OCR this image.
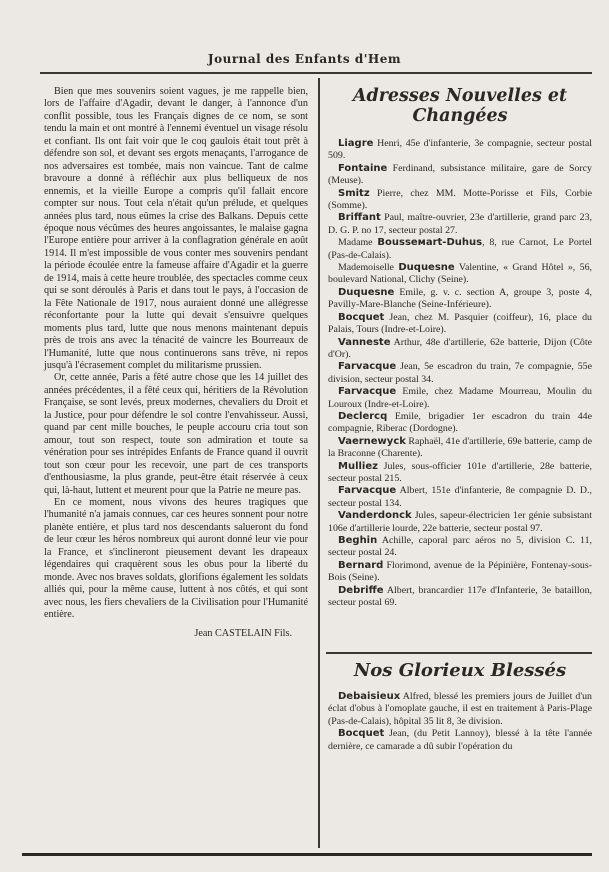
Journal des Enfants d'Hem

Bien que mes souvenirs soient vagues, je me rappelle bien, lors de l'affaire d'Agadir, devant le danger, à l'annonce d'un conflit possible, tous les Français dignes de ce nom, se sont tendu la main et ont montré à l'ennemi éventuel un visage résolu et confiant. Ils ont fait voir que le coq gaulois était tout prêt à défendre son sol, et devant ses ergots menaçants, l'arrogance de nos adversaires est tombée, mais non vaincue. Tant de calme bravoure a donné à réfléchir aux plus belliqueux de nos ennemis, et la vieille Europe a compris qu'il fallait encore compter sur nous. Tout cela n'était qu'un prélude, et quelques années plus tard, nous eûmes la crise des Balkans. Depuis cette époque nous vécûmes des heures angoissantes, le malaise gagna l'Europe entière pour arriver à la conflagration générale en août 1914. Il m'est impossible de vous conter mes souvenirs pendant la période écoulée entre la fameuse affaire d'Agadir et la guerre de 1914, mais à cette heure troublée, des spectacles comme ceux qui se sont déroulés à Paris et dans tout le pays, à l'occasion de la Fête Nationale de 1917, nous auraient donné une allégresse réconfortante pour la lutte qui devait s'ensuivre quelques moments plus tard, lutte que nous menons maintenant depuis près de trois ans avec la ténacité de vaincre les Bourreaux de l'Humanité, lutte que nous continuerons sans trêve, ni repos jusqu'à l'écrasement complet du militarisme prussien.

Or, cette année, Paris a fêté autre chose que les 14 juillet des années précédentes, il a fêté ceux qui, héritiers de la Révolution Française, se sont levés, preux modernes, chevaliers du Droit et la Justice, pour pour défendre le sol contre l'envahisseur. Aussi, quand par cent mille bouches, le peuple accouru cria tout son amour, tout son respect, toute son admiration et toute sa vénération pour ses intrépides Enfants de France quand il ouvrit tout son cœur pour les recevoir, une part de ces transports d'enthousiasme, la plus grande, peut-être était réservée à ceux qui, là-haut, luttent et meurent pour que la Patrie ne meure pas.

En ce moment, nous vivons des heures tragiques que l'humanité n'a jamais connues, car ces heures sonnent pour notre planète entière, et plus tard nos descendants salueront du fond de leur cœur les héros nombreux qui auront donné leur vie pour la France, et s'inclineront pieusement devant les drapeaux légendaires qui craquèrent sous les obus pour la liberté du monde. Avec nos braves soldats, glorifions également les soldats alliés qui, pour la même cause, luttent à nos côtés, et qui sont avec nous, les fiers chevaliers de la Civilisation pour l'Humanité entière.

Jean CASTELAIN Fils.

Adresses Nouvelles et Changées

Liagre Henri, 45e d'infanterie, 3e compagnie, secteur postal 509.

Fontaine Ferdinand, subsistance militaire, gare de Sorcy (Meuse).

Smitz Pierre, chez MM. Motte-Porisse et Fils, Corbie (Somme).

Briffant Paul, maître-ouvrier, 23e d'artillerie, grand parc 23, D. G. P. no 17, secteur postal 27.

Madame Bousseмart-Duhus, 8, rue Carnot, Le Portel (Pas-de-Calais).

Mademoiselle Duquesne Valentine, « Grand Hôtel », 56, boulevard National, Clichy (Seine).

Duquesne Emile, g. v. c. section A, groupe 3, poste 4, Pavilly-Mare-Blanche (Seine-Inférieure).

Bocquet Jean, chez M. Pasquier (coiffeur), 16, place du Palais, Tours (Indre-et-Loire).

Vanneste Arthur, 48e d'artillerie, 62e batterie, Dijon (Côte d'Or).

Farvacque Jean, 5e escadron du train, 7e compagnie, 55e division, secteur postal 34.

Farvacque Emile, chez Madame Mourreau, Moulin du Louroux (Indre-et-Loire).

Declercq Emile, brigadier 1er escadron du train 44e compagnie, Riberac (Dordogne).

Vaernewyck Raphaël, 41e d'artillerie, 69e batterie, camp de la Braconne (Charente).

Mulliez Jules, sous-officier 101e d'artillerie, 28e batterie, secteur postal 215.

Farvacque Albert, 151e d'infanterie, 8e compagnie D. D., secteur postal 134.

Vanderdonck Jules, sapeur-électricien 1er génie subsistant 106e d'artillerie lourde, 22e batterie, secteur postal 97.

Beghin Achille, caporal parc aéros no 5, division C. 11, secteur postal 24.

Bernard Florimond, avenue de la Pépinière, Fontenay-sous-Bois (Seine).

Debriffe Albert, brancardier 117e d'Infanterie, 3e bataillon, secteur postal 69.

Nos Glorieux Blessés

Debaisieux Alfred, blessé les premiers jours de Juillet d'un éclat d'obus à l'omoplate gauche, il est en traitement à Paris-Plage (Pas-de-Calais), hôpital 35 lit 8, 3e division.

Bocquet Jean, (du Petit Lannoy), blessé à la tête l'année dernière, ce camarade a dû subir l'opération du
